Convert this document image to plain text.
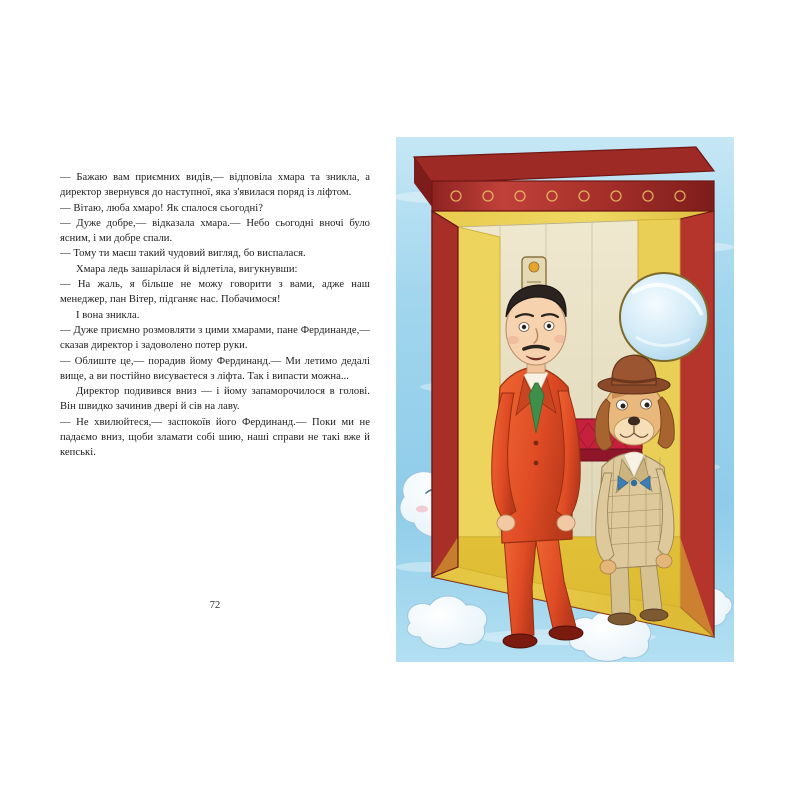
— Бажаю вам приємних видів,— відповіла хмара та зникла, а директор звернувся до наступної, яка з'явилася поряд із ліфтом.

— Вітаю, люба хмаро! Як спалося сьогодні?

— Дуже добре,— відказала хмара.— Небо сьогодні вночі було ясним, і ми добре спали.

— Тому ти маєш такий чудовий вигляд, бо виспалася.

Хмара ледь зашарілася й відлетіла, вигукнувши:

— На жаль, я більше не можу говорити з вами, адже наш менеджер, пан Вітер, підганяє нас. Побачимося!

І вона зникла.

— Дуже приємно розмовляти з цими хмарами, пане Фердинанде,— сказав директор і задоволено потер руки.

— Облиште це,— порадив йому Фердинанд.— Ми летимо дедалі вище, а ви постійно висуваєтеся з ліфта. Так і випасти можна...

Директор подивився вниз — і йому запаморочилося в голові. Він швидко зачинив двері й сів на лаву.

— Не хвилюйтеся,— заспокоїв його Фердинанд.— Поки ми не падаємо вниз, щоби зламати собі шию, наші справи не такі вже й кепські.

72
